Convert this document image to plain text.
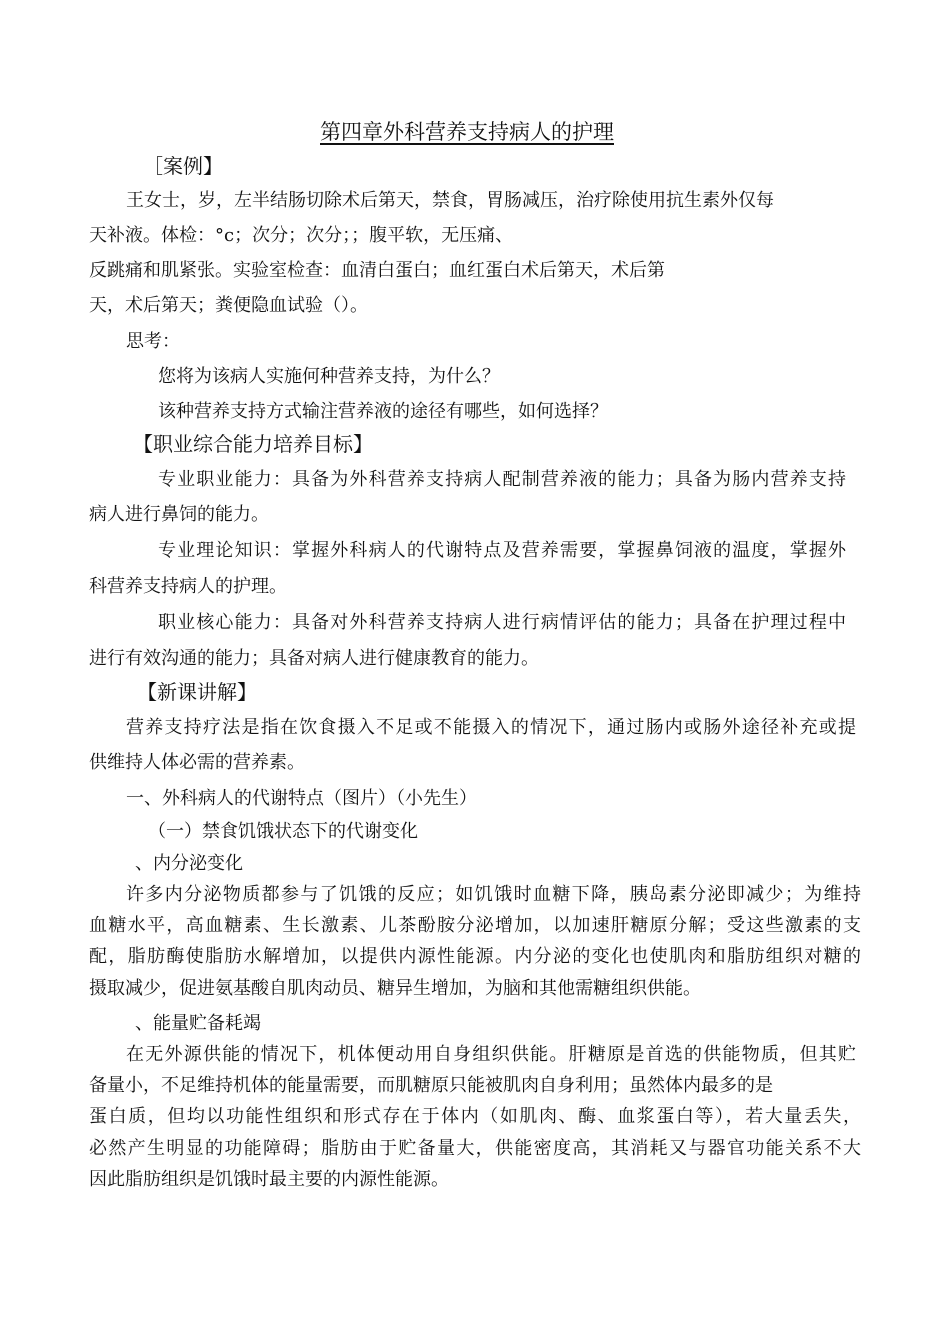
第四章外科营养支持病人的护理
［案例】
王女士，岁，左半结肠切除术后第天，禁食，胃肠减压，治疗除使用抗生素外仅每
天补液。体检：°c；次分；次分；；腹平软，无压痛、
反跳痛和肌紧张。实验室检查：血清白蛋白；血红蛋白术后第天，术后第
天，术后第天；粪便隐血试验（）。
思考：
您将为该病人实施何种营养支持，为什么？
该种营养支持方式输注营养液的途径有哪些，如何选择？
【职业综合能力培养目标】
专业职业能力：具备为外科营养支持病人配制营养液的能力；具备为肠内营养支持
病人进行鼻饲的能力。
专业理论知识：掌握外科病人的代谢特点及营养需要，掌握鼻饲液的温度，掌握外
科营养支持病人的护理。
职业核心能力：具备对外科营养支持病人进行病情评估的能力；具备在护理过程中
进行有效沟通的能力；具备对病人进行健康教育的能力。
【新课讲解】
营养支持疗法是指在饮食摄入不足或不能摄入的情况下，通过肠内或肠外途径补充或提
供维持人体必需的营养素。
一、外科病人的代谢特点（图片）（小先生）
（一）禁食饥饿状态下的代谢变化
、内分泌变化
许多内分泌物质都参与了饥饿的反应；如饥饿时血糖下降，胰岛素分泌即减少；为维持
血糖水平，高血糖素、生长激素、儿茶酚胺分泌增加，以加速肝糖原分解；受这些激素的支
配，脂肪酶使脂肪水解增加，以提供内源性能源。内分泌的变化也使肌肉和脂肪组织对糖的
摄取减少，促进氨基酸自肌肉动员、糖异生增加，为脑和其他需糖组织供能。
、能量贮备耗竭
在无外源供能的情况下，机体便动用自身组织供能。肝糖原是首选的供能物质，但其贮
备量小，不足维持机体的能量需要，而肌糖原只能被肌肉自身利用；虽然体内最多的是
蛋白质，但均以功能性组织和形式存在于体内（如肌肉、酶、血浆蛋白等），若大量丢失，
必然产生明显的功能障碍；脂肪由于贮备量大，供能密度高，其消耗又与器官功能关系不大
因此脂肪组织是饥饿时最主要的内源性能源。
